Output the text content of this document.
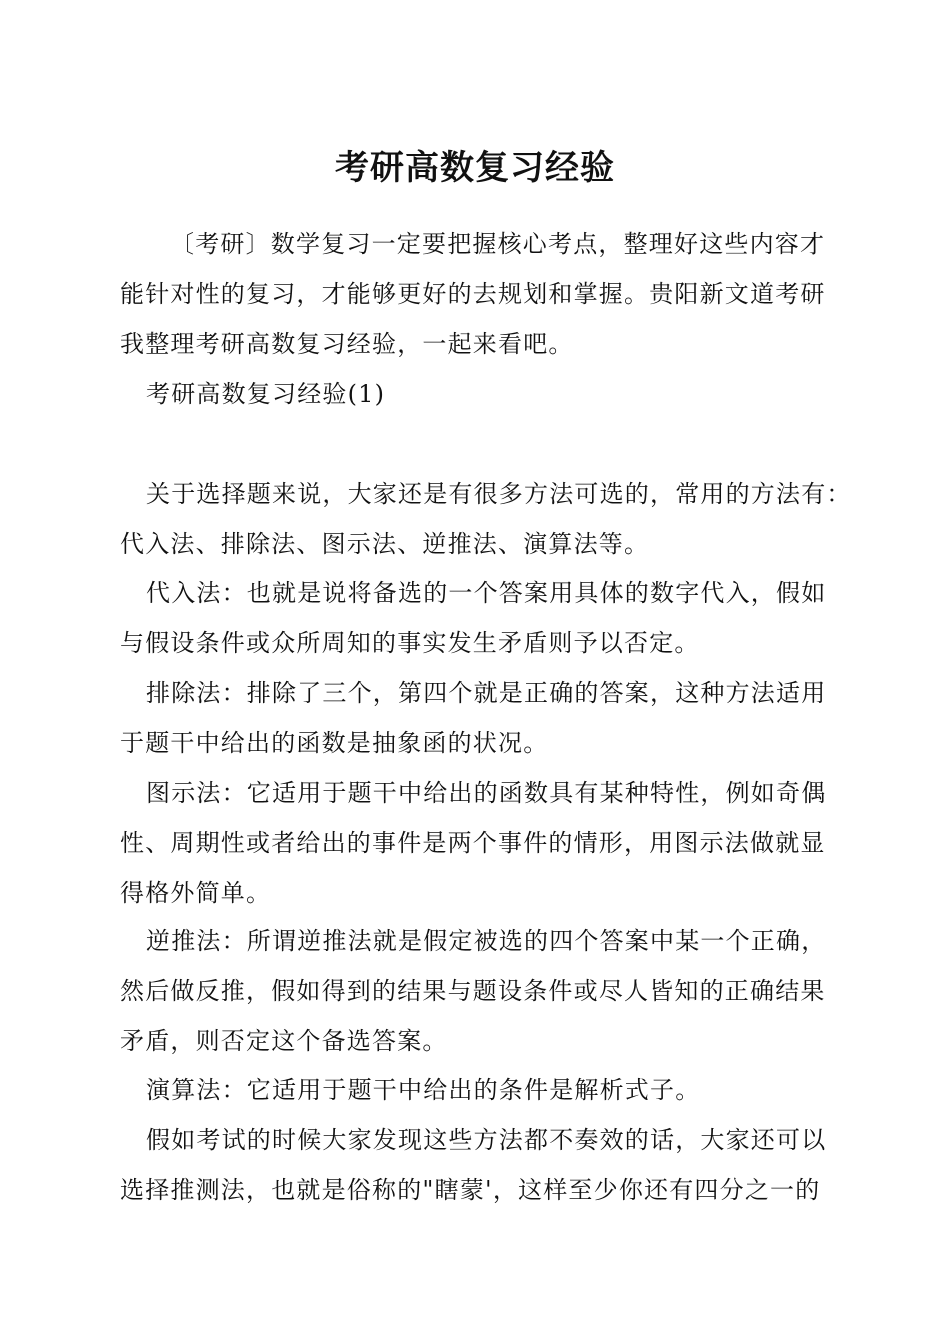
考研高数复习经验
〔考研〕数学复习一定要把握核心考点，整理好这些内容才
能针对性的复习，才能够更好的去规划和掌握。贵阳新文道考研
我整理考研高数复习经验，一起来看吧。
考研高数复习经验(1)
关于选择题来说，大家还是有很多方法可选的，常用的方法有：
代入法、排除法、图示法、逆推法、演算法等。
代入法：也就是说将备选的一个答案用具体的数字代入，假如
与假设条件或众所周知的事实发生矛盾则予以否定。
排除法：排除了三个，第四个就是正确的答案，这种方法适用
于题干中给出的函数是抽象函的状况。
图示法：它适用于题干中给出的函数具有某种特性，例如奇偶
性、周期性或者给出的事件是两个事件的情形，用图示法做就显
得格外简单。
逆推法：所谓逆推法就是假定被选的四个答案中某一个正确，
然后做反推，假如得到的结果与题设条件或尽人皆知的正确结果
矛盾，则否定这个备选答案。
演算法：它适用于题干中给出的条件是解析式子。
假如考试的时候大家发现这些方法都不奏效的话，大家还可以
选择推测法，也就是俗称的"瞎蒙'，这样至少你还有四分之一的
